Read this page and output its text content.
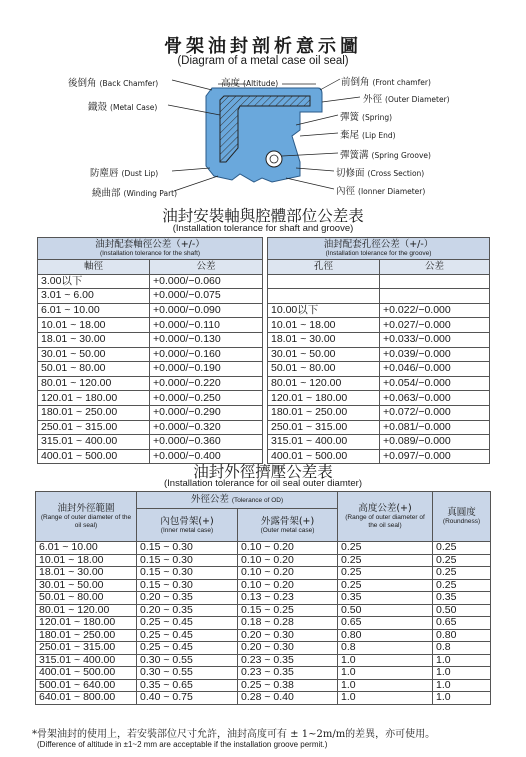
骨架油封剖析意示圖
(Diagram of a metal case oil seal)
後倒角 (Back Chamfer)	高度 (Altitude)	前倒角 (Front chamfer)
外徑 (Outer Diameter)
鐵殼 (Metal Case)
彈簧 (Spring)
棄尾 (Lip End)
彈簧溝 (Spring Groove)
防塵唇 (Dust Lip)	切修面 (Cross Section)
繞曲部 (Winding Part)	內徑 (Ionner Diameter)
油封安裝軸與腔體部位公差表
(Installation tolerance for shaft and groove)
油封配套軸徑公差（+/-）
(Installation tolerance for the shaft)	

軸徑	公差
3.00以下	+0.000/−0.060
3.01 ~ 6.00	+0.000/−0.075
6.01 ~ 10.00	+0.000/−0.090
10.01 ~ 18.00	+0.000/−0.110
18.01 ~ 30.00	+0.000/−0.130
30.01 ~ 50.00	+0.000/−0.160
50.01 ~ 80.00	+0.000/−0.190
80.01 ~ 120.00	+0.000/−0.220
120.01 ~ 180.00	+0.000/−0.250
180.01 ~ 250.00	+0.000/−0.290
250.01 ~ 315.00	+0.000/−0.320
315.01 ~ 400.00	+0.000/−0.360
400.01 ~ 500.00	+0.000/−0.400
油封配套孔徑公差（+/-）
(Installation tolerance for the groove)	

孔徑	公差

10.00以下	+0.022/−0.000
10.01 ~ 18.00	+0.027/−0.000
18.01 ~ 30.00	+0.033/−0.000
30.01 ~ 50.00	+0.039/−0.000
50.01 ~ 80.00	+0.046/−0.000
80.01 ~ 120.00	+0.054/−0.000
120.01 ~ 180.00	+0.063/−0.000
180.01 ~ 250.00	+0.072/−0.000
250.01 ~ 315.00	+0.081/−0.000
315.01 ~ 400.00	+0.089/−0.000
400.01 ~ 500.00	+0.097/−0.000
油封外徑擠壓公差表
(Installation tolerance for oil seal outer diamter)
油封外徑範圍
(Range of outer diameter of the oil seal)	外徑公差 (Tolerance of OD)		高度公差(+)
(Range of outer diameter of the oil seal)	真圓度
(Roundness)

	內包骨架(+)
(Inner metal case)	外露骨架(+)
(Outer metal case)		

6.01 ~ 10.00	0.15 ~ 0.30	0.10 ~ 0.20	0.25	0.25
10.01 ~ 18.00	0.15 ~ 0.30	0.10 ~ 0.20	0.25	0.25
18.01 ~ 30.00	0.15 ~ 0.30	0.10 ~ 0.20	0.25	0.25
30.01 ~ 50.00	0.15 ~ 0.30	0.10 ~ 0.20	0.25	0.25
50.01 ~ 80.00	0.20 ~ 0.35	0.13 ~ 0.23	0.35	0.35
80.01 ~ 120.00	0.20 ~ 0.35	0.15 ~ 0.25	0.50	0.50
120.01 ~ 180.00	0.25 ~ 0.45	0.18 ~ 0.28	0.65	0.65
180.01 ~ 250.00	0.25 ~ 0.45	0.20 ~ 0.30	0.80	0.80
250.01 ~ 315.00	0.25 ~ 0.45	0.20 ~ 0.30	0.8	0.8
315.01 ~ 400.00	0.30 ~ 0.55	0.23 ~ 0.35	1.0	1.0
400.01 ~ 500.00	0.30 ~ 0.55	0.23 ~ 0.35	1.0	1.0
500.01 ~ 640.00	0.35 ~ 0.65	0.25 ~ 0.38	1.0	1.0
640.01 ~ 800.00	0.40 ~ 0.75	0.28 ~ 0.40	1.0	1.0
*骨架油封的使用上，若安裝部位尺寸允許，油封高度可有 ± 1~2m/m的差異，亦可使用。
(Difference of altitude in ±1~2 mm are acceptable if the installation groove permit.)
